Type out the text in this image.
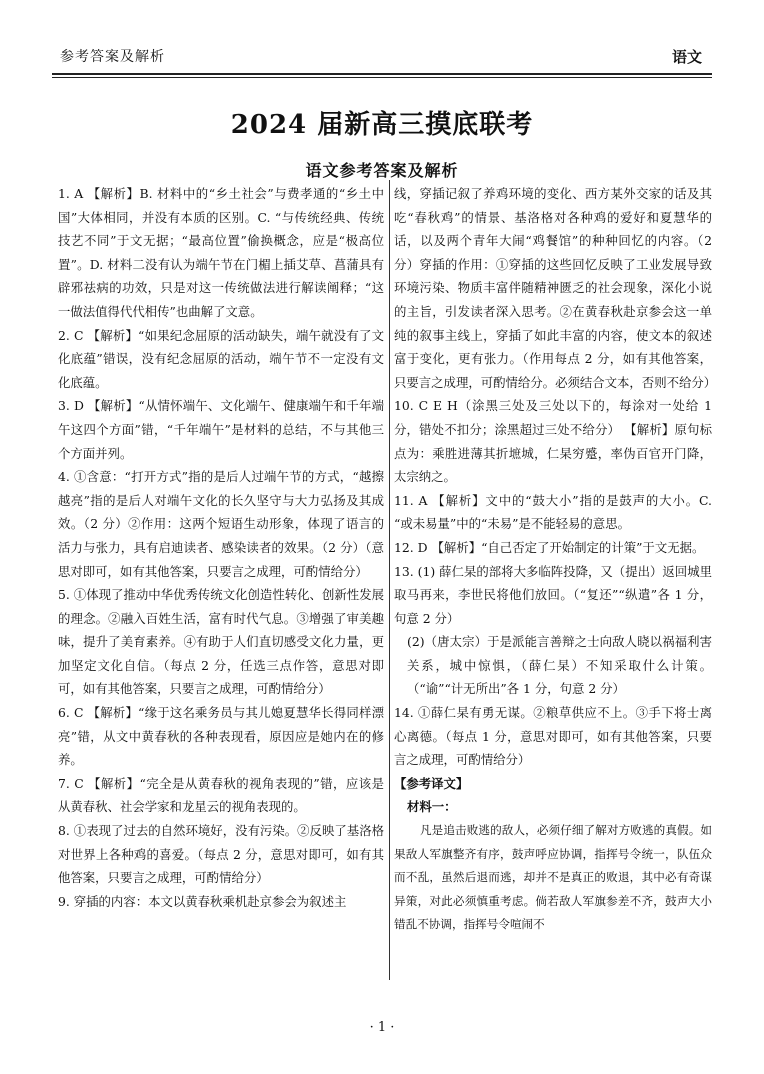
参考答案及解析	语文
2024 届新高三摸底联考
语文参考答案及解析

1. A 【解析】B. 材料中的“乡土社会”与费孝通的“乡土中国”大体相同，并没有本质的区别。C. “与传统经典、传统技艺不同”于文无据；“最高位置”偷换概念，应是“极高位置”。D. 材料二没有认为端午节在门楣上插艾草、菖蒲具有辟邪祛病的功效，只是对这一传统做法进行解读阐释；“这一做法值得代代相传”也曲解了文意。

2. C 【解析】“如果纪念屈原的活动缺失，端午就没有了文化底蕴”错误，没有纪念屈原的活动，端午节不一定没有文化底蕴。

3. D 【解析】“从情怀端午、文化端午、健康端午和千年端午这四个方面”错，“千年端午”是材料的总结，不与其他三个方面并列。

4. ①含意：“打开方式”指的是后人过端午节的方式，“越擦越亮”指的是后人对端午文化的长久坚守与大力弘扬及其成效。（2 分）②作用：这两个短语生动形象，体现了语言的活力与张力，具有启迪读者、感染读者的效果。（2 分）（意思对即可，如有其他答案，只要言之成理，可酌情给分）

5. ①体现了推动中华优秀传统文化创造性转化、创新性发展的理念。②融入百姓生活，富有时代气息。③增强了审美趣味，提升了美育素养。④有助于人们直切感受文化力量，更加坚定文化自信。（每点 2 分，任选三点作答，意思对即可，如有其他答案，只要言之成理，可酌情给分）

6. C 【解析】“缘于这名乘务员与其儿媳夏慧华长得同样漂亮”错，从文中黄春秋的各种表现看，原因应是她内在的修养。

7. C 【解析】“完全是从黄春秋的视角表现的”错，应该是从黄春秋、社会学家和龙星云的视角表现的。

8. ①表现了过去的自然环境好，没有污染。②反映了基洛格对世界上各种鸡的喜爱。（每点 2 分，意思对即可，如有其他答案，只要言之成理，可酌情给分）

9. 穿插的内容：本文以黄春秋乘机赴京参会为叙述主

线，穿插记叙了养鸡环境的变化、西方某外交家的话及其吃“春秋鸡”的情景、基洛格对各种鸡的爱好和夏慧华的话，以及两个青年大闹“鸡餐馆”的种种回忆的内容。（2 分）穿插的作用：①穿插的这些回忆反映了工业发展导致环境污染、物质丰富伴随精神匮乏的社会现象，深化小说的主旨，引发读者深入思考。②在黄春秋赴京参会这一单纯的叙事主线上，穿插了如此丰富的内容，使文本的叙述富于变化，更有张力。（作用每点 2 分，如有其他答案，只要言之成理，可酌情给分。必须结合文本，否则不给分）

10. C E H（涂黑三处及三处以下的，每涂对一处给 1 分，错处不扣分；涂黑超过三处不给分） 【解析】原句标点为：乘胜进薄其折墌城，仁杲穷蹙，率伪百官开门降，太宗纳之。

11. A 【解析】文中的“鼓大小”指的是鼓声的大小。C. “或未易量”中的“未易”是不能轻易的意思。

12. D 【解析】“自己否定了开始制定的计策”于文无据。

13. (1) 薛仁杲的部将大多临阵投降，又（提出）返回城里取马再来，李世民将他们放回。（“复还”“纵遣”各 1 分，句意 2 分）

(2)（唐太宗）于是派能言善辩之士向敌人晓以祸福利害关系，城中惊惧，（薛仁杲）不知采取什么计策。（“谕”“计无所出”各 1 分，句意 2 分）

14. ①薛仁杲有勇无谋。②粮草供应不上。③手下将士离心离德。（每点 1 分，意思对即可，如有其他答案，只要言之成理，可酌情给分）

【参考译文】

材料一：

凡是追击败逃的敌人，必须仔细了解对方败逃的真假。如果敌人军旗整齐有序，鼓声呼应协调，指挥号令统一，队伍众而不乱，虽然后退而逃，却并不是真正的败退，其中必有奇谋异策，对此必须慎重考虑。倘若敌人军旗参差不齐，鼓声大小错乱不协调，指挥号令喧闹不

· 1 ·
